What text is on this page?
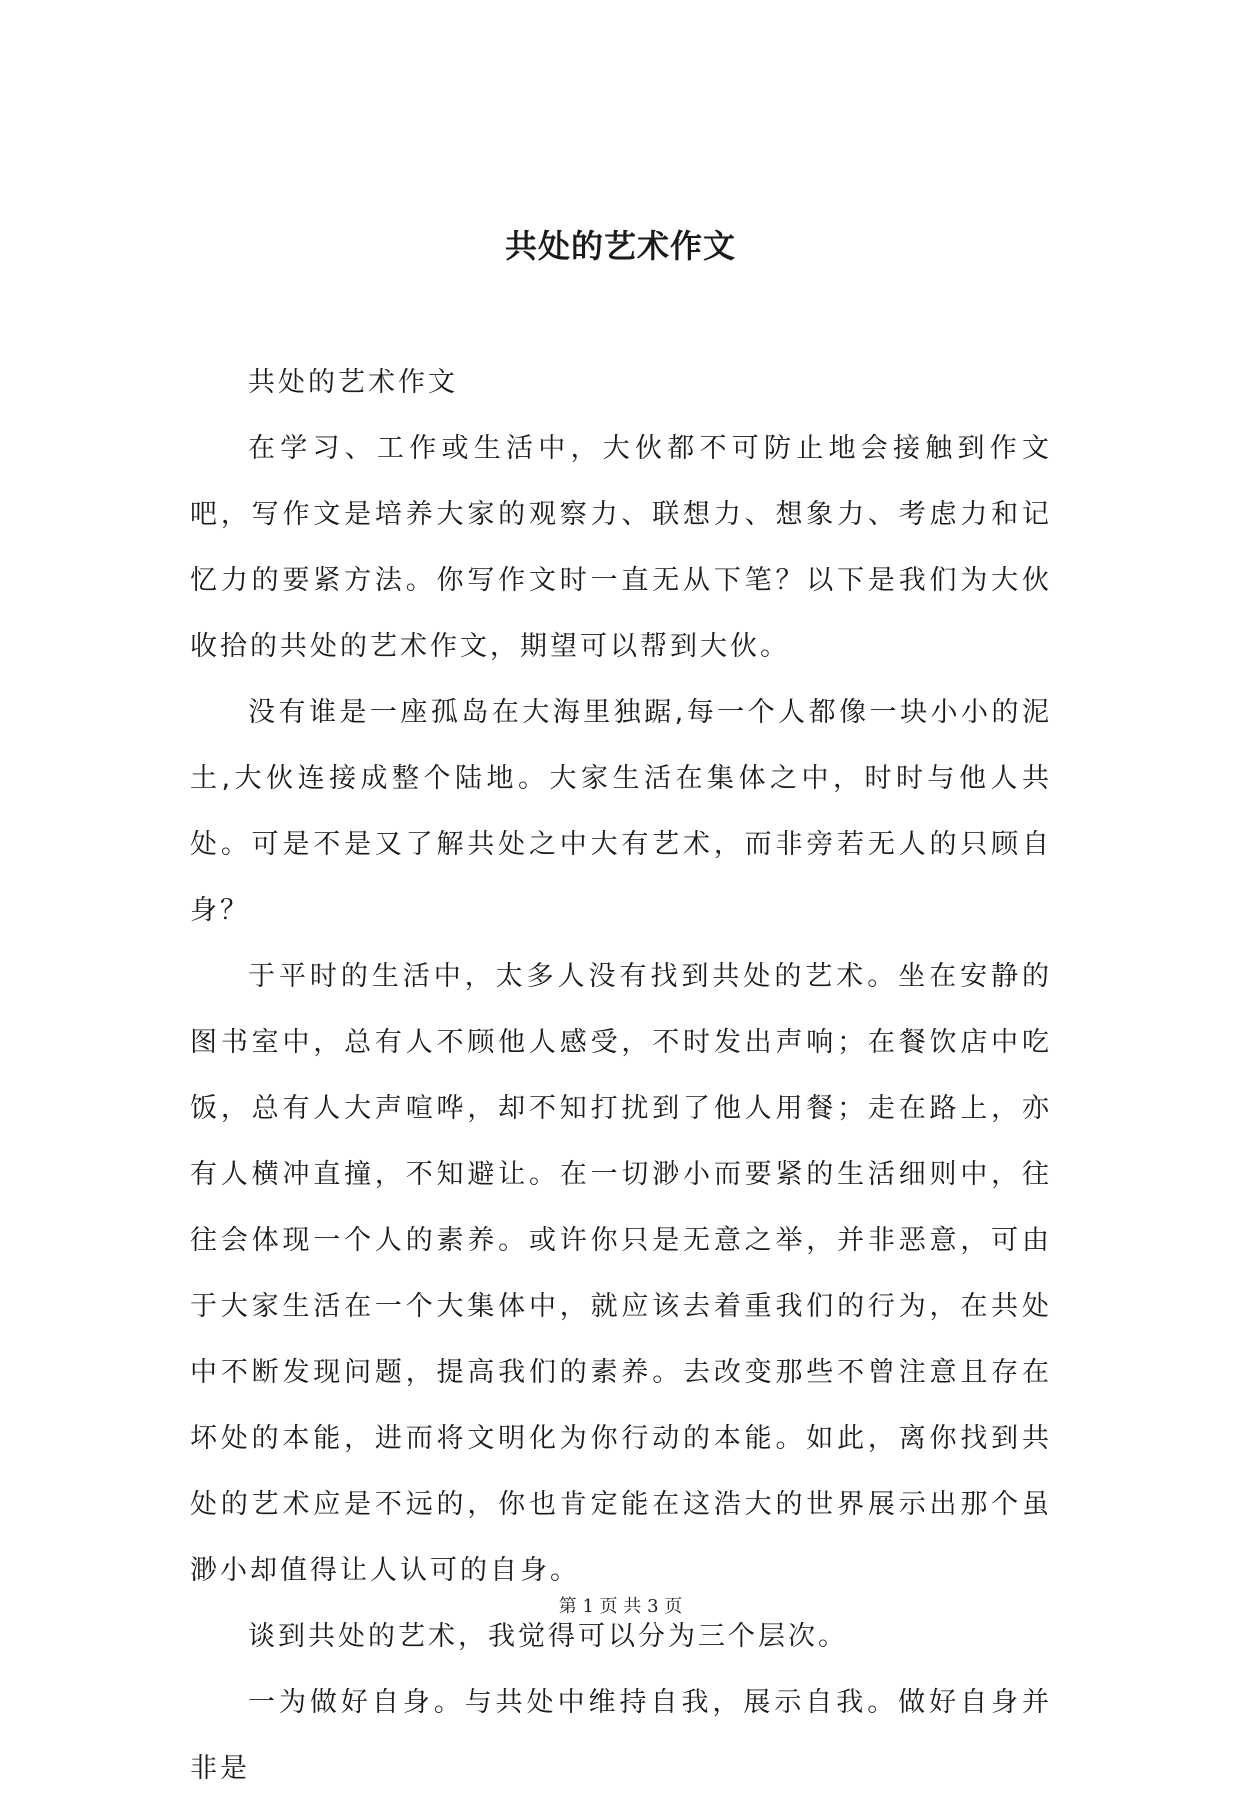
共处的艺术作文

共处的艺术作文

在学习、工作或生活中，大伙都不可防止地会接触到作文吧，写作文是培养大家的观察力、联想力、想象力、考虑力和记忆力的要紧方法。你写作文时一直无从下笔？以下是我们为大伙收拾的共处的艺术作文，期望可以帮到大伙。

没有谁是一座孤岛在大海里独踞,每一个人都像一块小小的泥土,大伙连接成整个陆地。大家生活在集体之中，时时与他人共处。可是不是又了解共处之中大有艺术，而非旁若无人的只顾自身？

于平时的生活中，太多人没有找到共处的艺术。坐在安静的图书室中，总有人不顾他人感受，不时发出声响；在餐饮店中吃饭，总有人大声喧哗，却不知打扰到了他人用餐；走在路上，亦有人横冲直撞，不知避让。在一切渺小而要紧的生活细则中，往往会体现一个人的素养。或许你只是无意之举，并非恶意，可由于大家生活在一个大集体中，就应该去着重我们的行为，在共处中不断发现问题，提高我们的素养。去改变那些不曾注意且存在坏处的本能，进而将文明化为你行动的本能。如此，离你找到共处的艺术应是不远的，你也肯定能在这浩大的世界展示出那个虽渺小却值得让人认可的自身。

谈到共处的艺术，我觉得可以分为三个层次。

一为做好自身。与共处中维持自我，展示自我。做好自身并非是

第 1 页 共 3 页
